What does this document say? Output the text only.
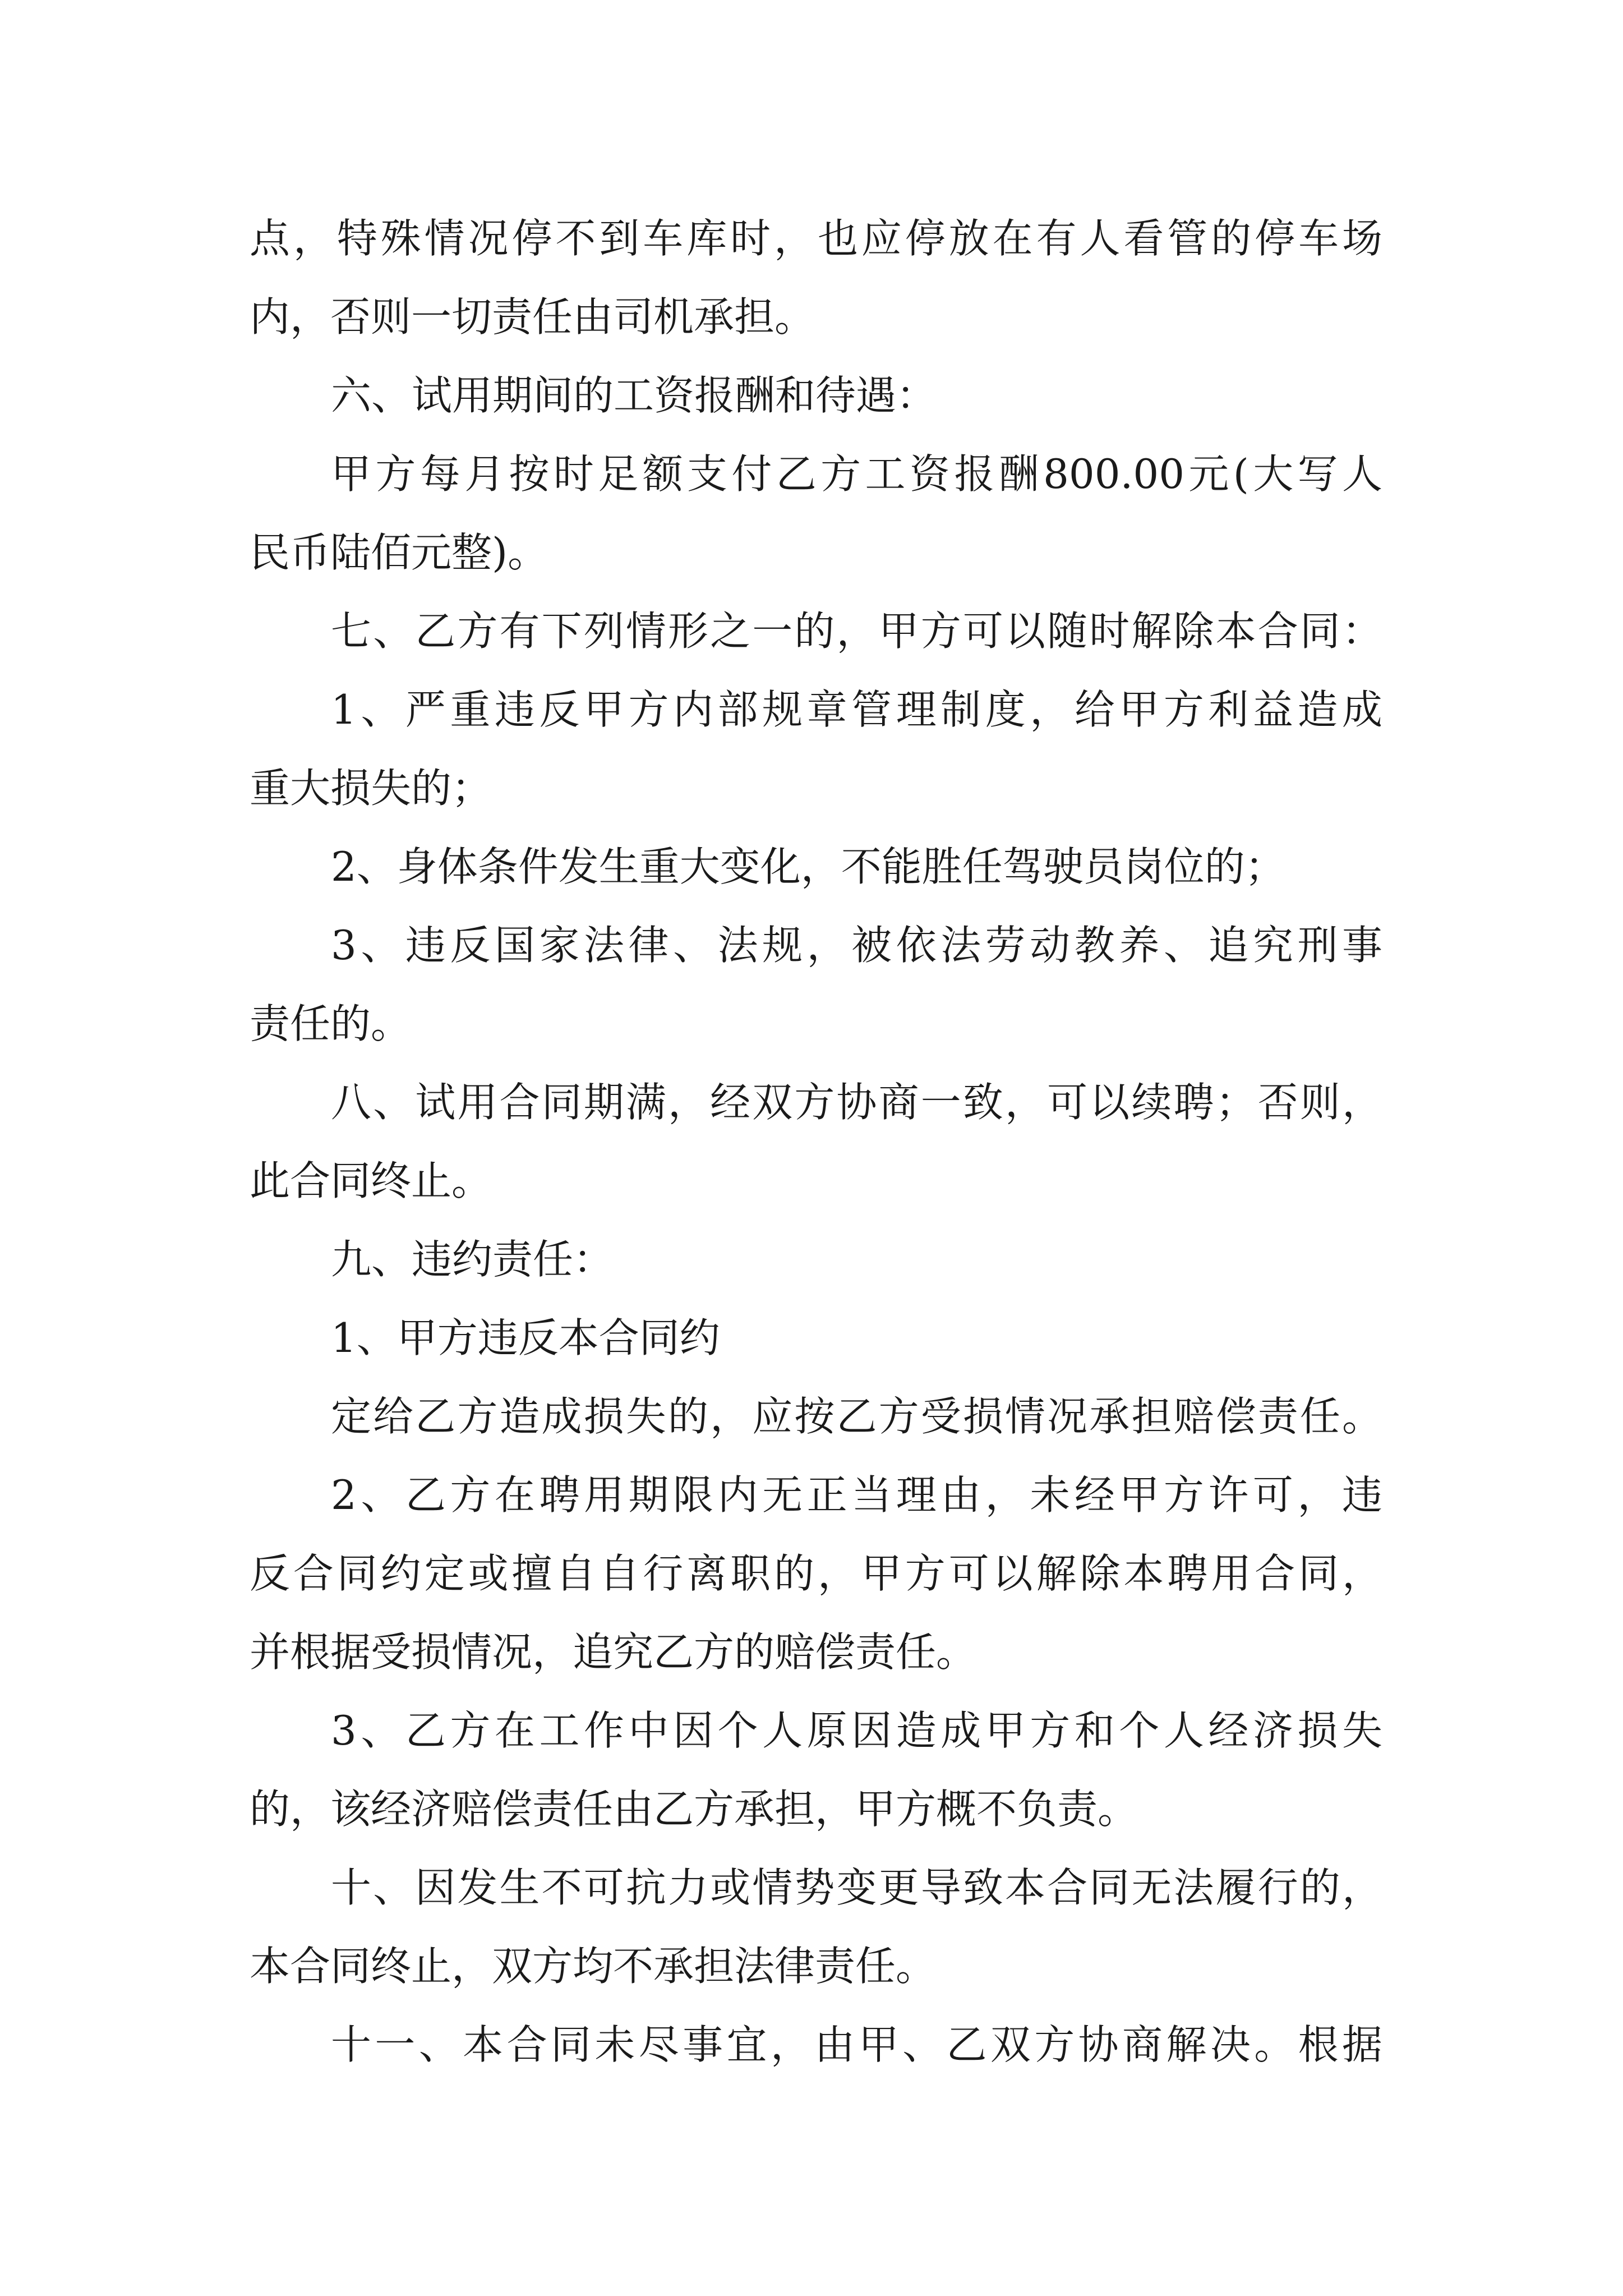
点，特殊情况停不到车库时，也应停放在有人看管的停车场

内，否则一切责任由司机承担。

六、试用期间的工资报酬和待遇：

甲方每月按时足额支付乙方工资报酬800.00元(大写人

民币陆佰元整)。

七、乙方有下列情形之一的，甲方可以随时解除本合同：

1、严重违反甲方内部规章管理制度，给甲方利益造成

重大损失的；

2、身体条件发生重大变化，不能胜任驾驶员岗位的；

3、违反国家法律、法规，被依法劳动教养、追究刑事

责任的。

八、试用合同期满，经双方协商一致，可以续聘；否则，

此合同终止。

九、违约责任：

1、甲方违反本合同约

定给乙方造成损失的，应按乙方受损情况承担赔偿责任。

2、乙方在聘用期限内无正当理由，未经甲方许可，违

反合同约定或擅自自行离职的，甲方可以解除本聘用合同，

并根据受损情况，追究乙方的赔偿责任。

3、乙方在工作中因个人原因造成甲方和个人经济损失

的，该经济赔偿责任由乙方承担，甲方概不负责。

十、因发生不可抗力或情势变更导致本合同无法履行的，

本合同终止，双方均不承担法律责任。

十一、本合同未尽事宜，由甲、乙双方协商解决。根据
